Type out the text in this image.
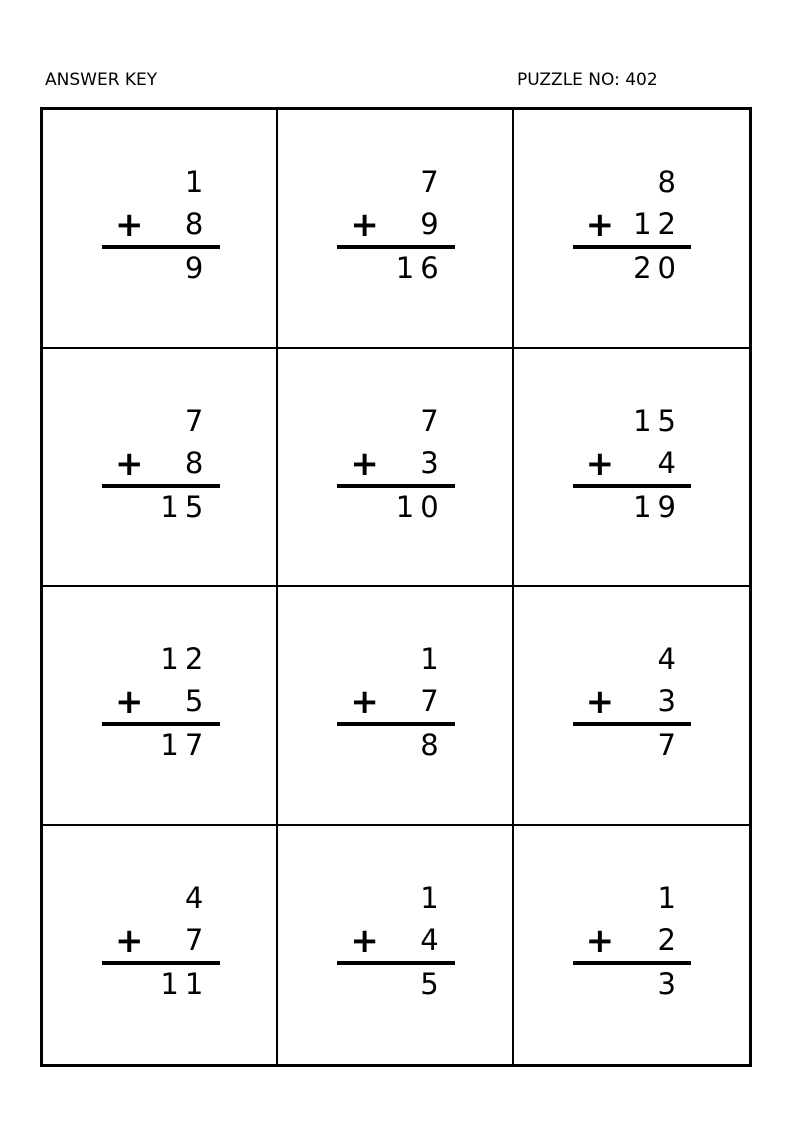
ANSWER KEY	PUZZLE NO: 402
1
+ 8
9
7
+ 9
16
8
+ 12
20
7
+ 8
15
7
+ 3
10
15
+ 4
19
12
+ 5
17
1
+ 7
8
4
+ 3
7
4
+ 7
11
1
+ 4
5
1
+ 2
3
